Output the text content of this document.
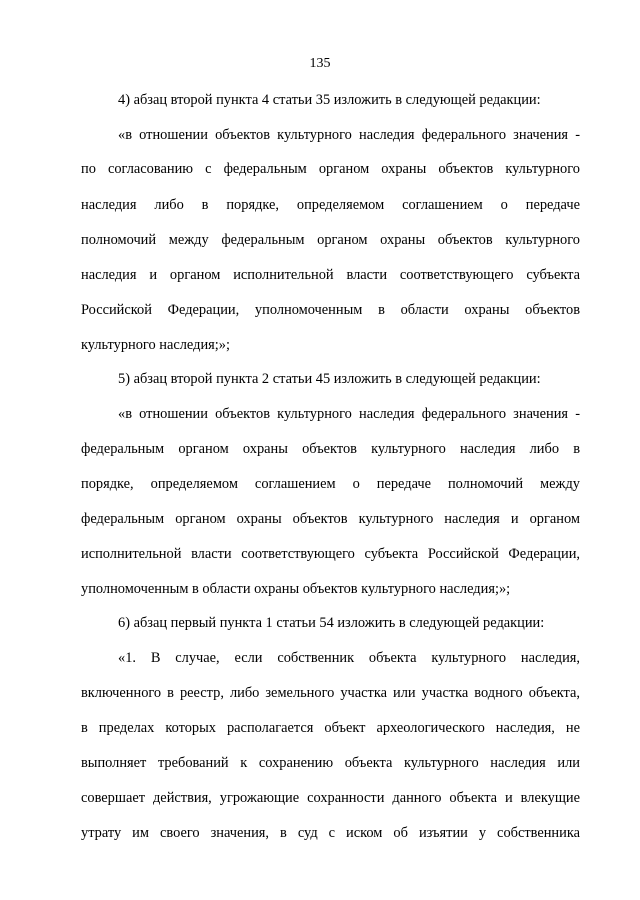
135
4) абзац второй пункта 4 статьи 35 изложить в следующей редакции:
«в отношении объектов культурного наследия федерального значения -
по согласованию с федеральным органом охраны объектов культурного
наследия либо в порядке, определяемом соглашением о передаче
полномочий между федеральным органом охраны объектов культурного
наследия и органом исполнительной власти соответствующего субъекта
Российской Федерации, уполномоченным в области охраны объектов
культурного наследия;»;
5) абзац второй пункта 2 статьи 45 изложить в следующей редакции:
«в отношении объектов культурного наследия федерального значения -
федеральным органом охраны объектов культурного наследия либо в
порядке, определяемом соглашением о передаче полномочий между
федеральным органом охраны объектов культурного наследия и органом
исполнительной власти соответствующего субъекта Российской Федерации,
уполномоченным в области охраны объектов культурного наследия;»;
6) абзац первый пункта 1 статьи 54 изложить в следующей редакции:
«1. В случае, если собственник объекта культурного наследия,
включенного в реестр, либо земельного участка или участка водного объекта,
в пределах которых располагается объект археологического наследия, не
выполняет требований к сохранению объекта культурного наследия или
совершает действия, угрожающие сохранности данного объекта и влекущие
утрату им своего значения, в суд с иском об изъятии у собственника
